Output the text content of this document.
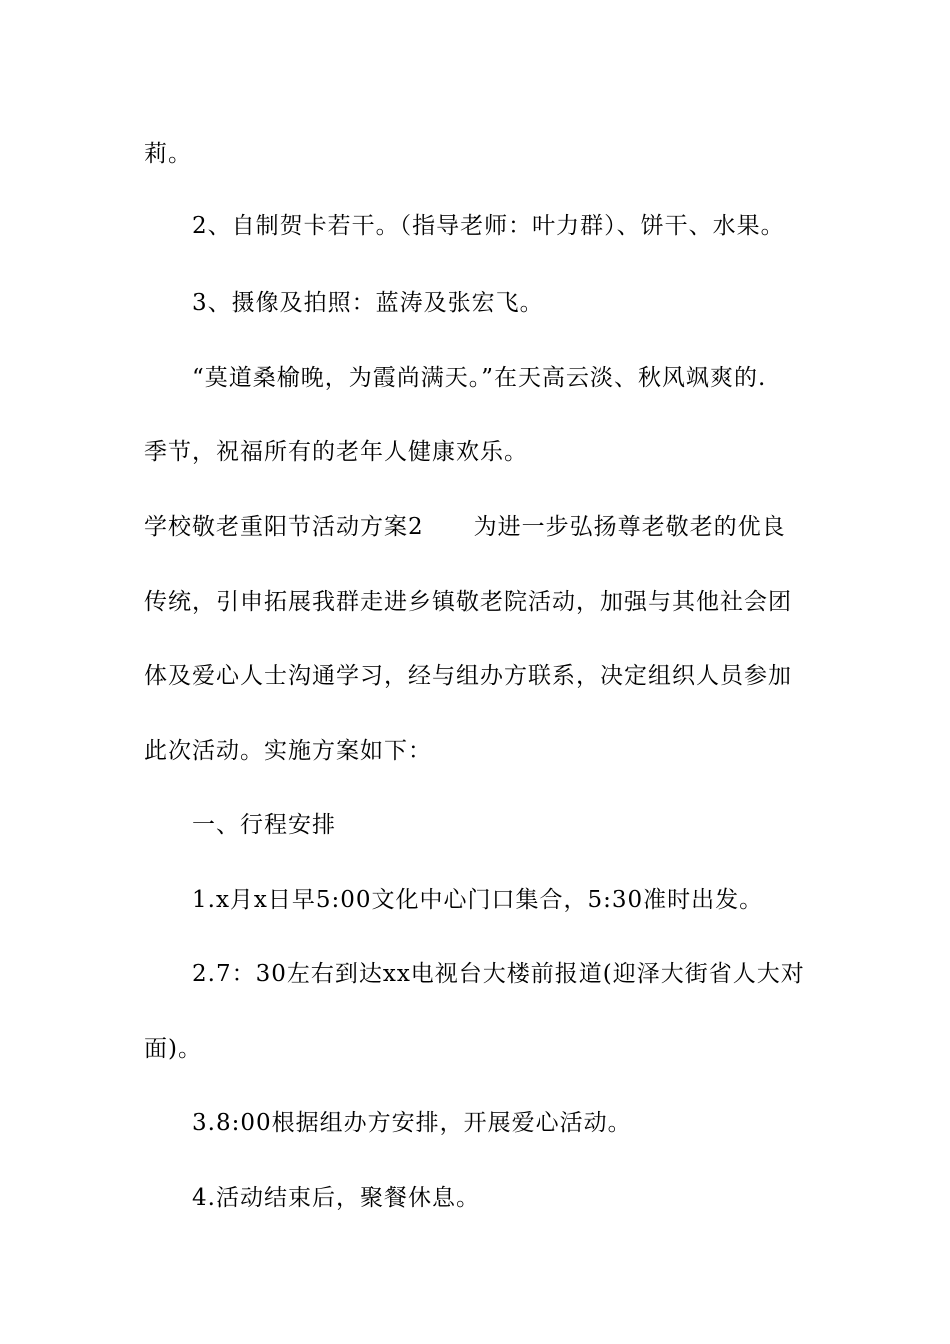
莉。
2、自制贺卡若干。（指导老师：叶力群）、饼干、水果。
3、摄像及拍照：蓝涛及张宏飞。
“莫道桑榆晚，为霞尚满天。”在天高云淡、秋风飒爽的.
季节，祝福所有的老年人健康欢乐。
学校敬老重阳节活动方案2 为进一步弘扬尊老敬老的优良
传统，引申拓展我群走进乡镇敬老院活动，加强与其他社会团
体及爱心人士沟通学习，经与组办方联系，决定组织人员参加
此次活动。实施方案如下：
一、行程安排
1.x月x日早5:00文化中心门口集合，5:30准时出发。
2.7：30左右到达xx电视台大楼前报道(迎泽大街省人大对
面)。
3.8:00根据组办方安排，开展爱心活动。
4.活动结束后，聚餐休息。
